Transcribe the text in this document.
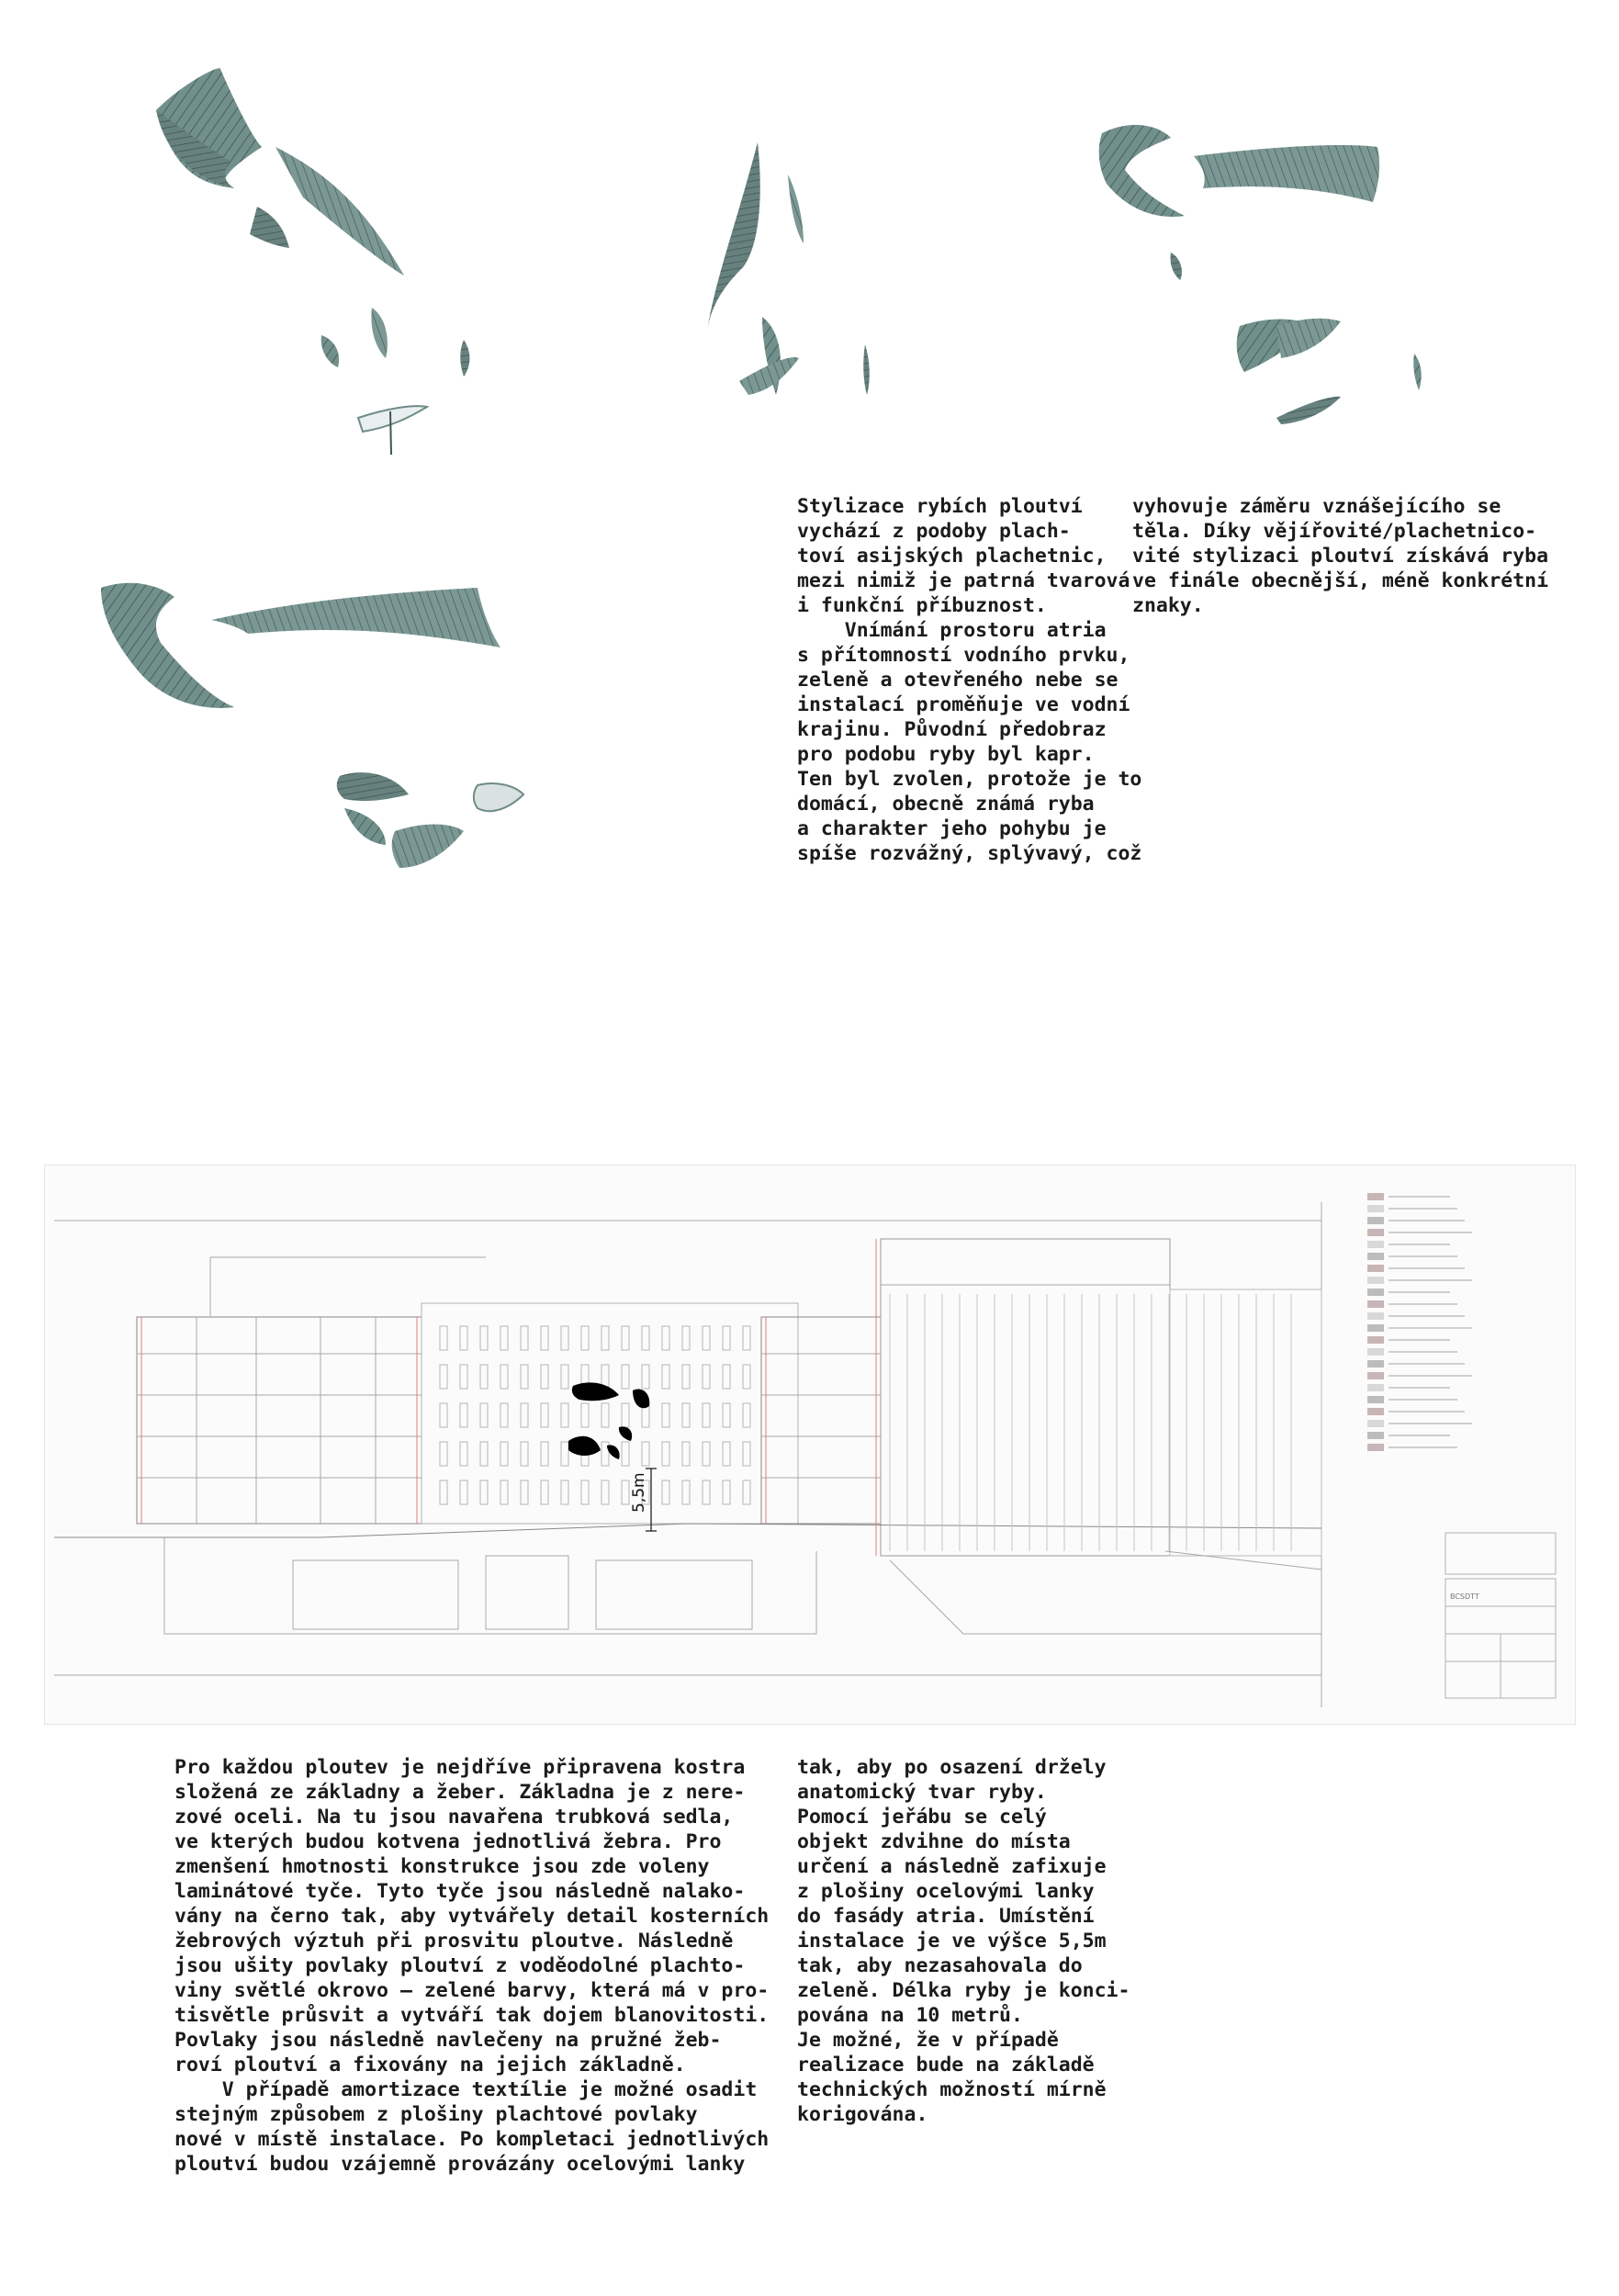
Stylizace rybích ploutví
vychází z podoby plach-
toví asijských plachetnic,
mezi nimiž je patrná tvarová
i funkční příbuznost.
Vnímání prostoru atria
s přítomností vodního prvku,
zeleně a otevřeného nebe se
instalací proměňuje ve vodní
krajinu. Původní předobraz
pro podobu ryby byl kapr.
Ten byl zvolen, protože je to
domácí, obecně známá ryba
a charakter jeho pohybu je
spíše rozvážný, splývavý, což
vyhovuje záměru vznášejícího se
těla. Díky vějířovité/plachetnico-
vité stylizaci ploutví získává ryba
ve finále obecnější, méně konkrétní
znaky.
5,5m
BCSDTT
Pro každou ploutev je nejdříve připravena kostra
složená ze základny a žeber. Základna je z nere-
zové oceli. Na tu jsou navařena trubková sedla,
ve kterých budou kotvena jednotlivá žebra. Pro
zmenšení hmotnosti konstrukce jsou zde voleny
laminátové tyče. Tyto tyče jsou následně nalako-
vány na černo tak, aby vytvářely detail kosterních
žebrových výztuh při prosvitu ploutve. Následně
jsou ušity povlaky ploutví z voděodolné plachto-
viny světlé okrovo – zelené barvy, která má v pro-
tisvětle průsvit a vytváří tak dojem blanovitosti.
Povlaky jsou následně navlečeny na pružné žeb-
roví ploutví a fixovány na jejich základně.
V případě amortizace textílie je možné osadit
stejným způsobem z plošiny plachtové povlaky
nové v místě instalace. Po kompletaci jednotlivých
ploutví budou vzájemně provázány ocelovými lanky
tak, aby po osazení držely
anatomický tvar ryby.
Pomocí jeřábu se celý
objekt zdvihne do místa
určení a následně zafixuje
z plošiny ocelovými lanky
do fasády atria. Umístění
instalace je ve výšce 5,5m
tak, aby nezasahovala do
zeleně. Délka ryby je konci-
pována na 10 metrů.
Je možné, že v případě
realizace bude na základě
technických možností mírně
korigována.
